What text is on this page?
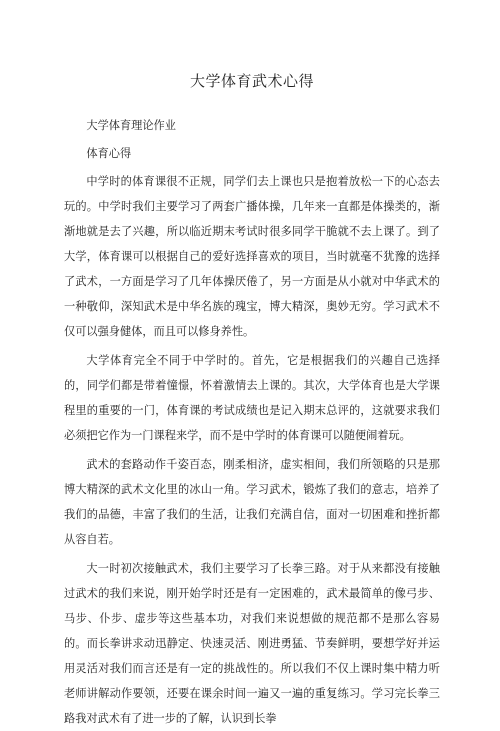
大学体育武术心得

大学体育理论作业

体育心得

中学时的体育课很不正规，同学们去上课也只是抱着放松一下的心态去玩的。中学时我们主要学习了两套广播体操，几年来一直都是体操类的，渐渐地就是去了兴趣，所以临近期末考试时很多同学干脆就不去上课了。到了大学，体育课可以根据自己的爱好选择喜欢的项目，当时就毫不犹豫的选择了武术，一方面是学习了几年体操厌倦了，另一方面是从小就对中华武术的一种敬仰，深知武术是中华名族的瑰宝，博大精深，奥妙无穷。学习武术不仅可以强身健体，而且可以修身养性。

大学体育完全不同于中学时的。首先，它是根据我们的兴趣自己选择的，同学们都是带着憧憬，怀着激情去上课的。其次，大学体育也是大学课程里的重要的一门，体育课的考试成绩也是记入期末总评的，这就要求我们必须把它作为一门课程来学，而不是中学时的体育课可以随便闹着玩。

武术的套路动作千姿百态，刚柔相济，虚实相间，我们所领略的只是那博大精深的武术文化里的冰山一角。学习武术，锻炼了我们的意志，培养了我们的品德，丰富了我们的生活，让我们充满自信，面对一切困难和挫折都从容自若。

大一时初次接触武术，我们主要学习了长拳三路。对于从来都没有接触过武术的我们来说，刚开始学时还是有一定困难的，武术最简单的像弓步、马步、仆步、虚步等这些基本功，对我们来说想做的规范都不是那么容易的。而长拳讲求动迅静定、快速灵活、刚进勇猛、节奏鲜明，要想学好并运用灵活对我们而言还是有一定的挑战性的。所以我们不仅上课时集中精力听老师讲解动作要领，还要在课余时间一遍又一遍的重复练习。学习完长拳三路我对武术有了进一步的了解，认识到长拳
